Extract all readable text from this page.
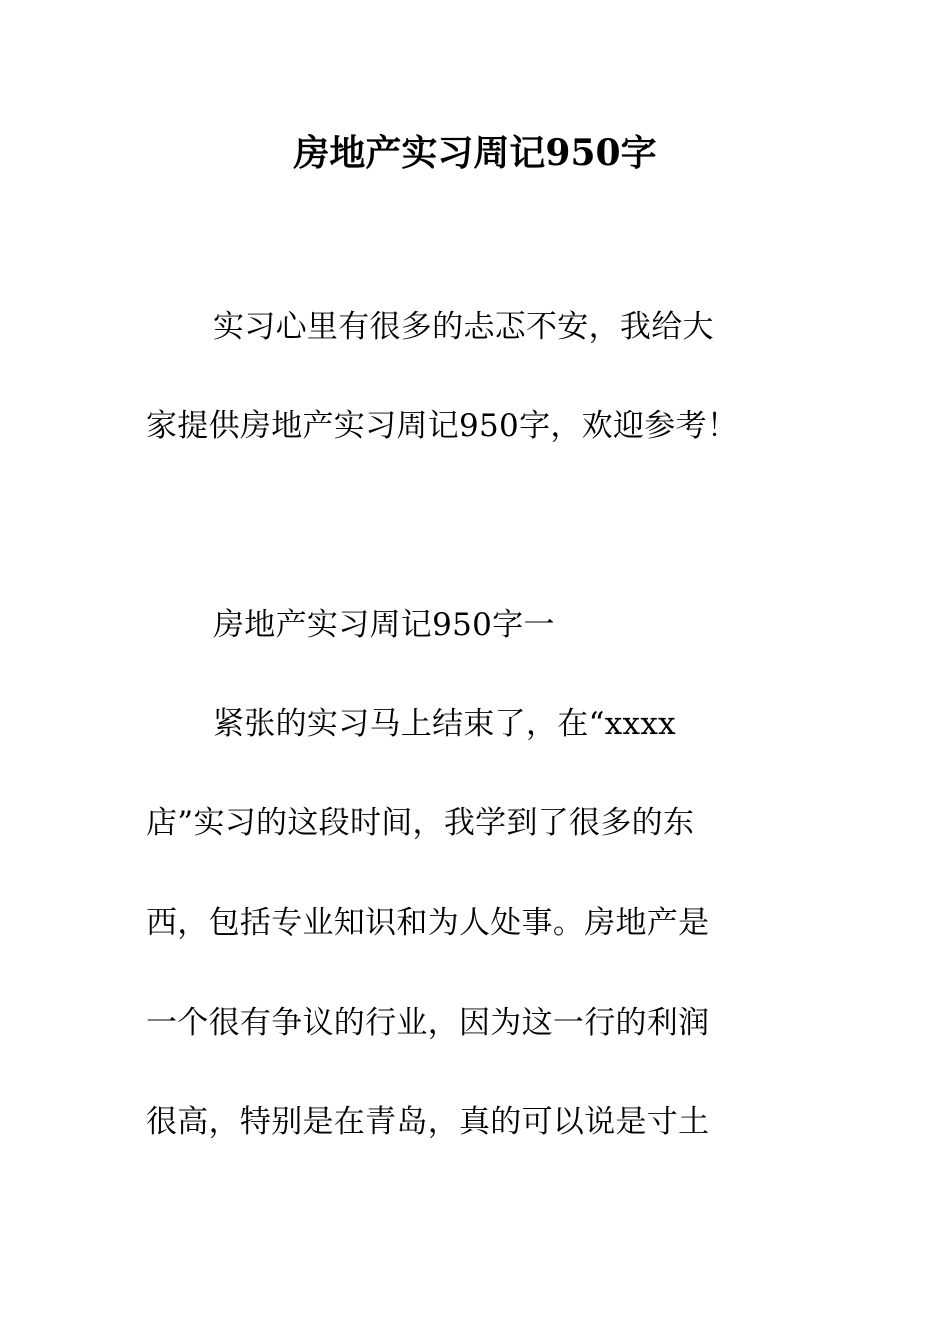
房地产实习周记950字
实习心里有很多的忐忑不安，我给大
家提供房地产实习周记950字，欢迎参考！
房地产实习周记950字一
紧张的实习马上结束了，在“xxxx
店”实习的这段时间，我学到了很多的东
西，包括专业知识和为人处事。房地产是
一个很有争议的行业，因为这一行的利润
很高，特别是在青岛，真的可以说是寸土
